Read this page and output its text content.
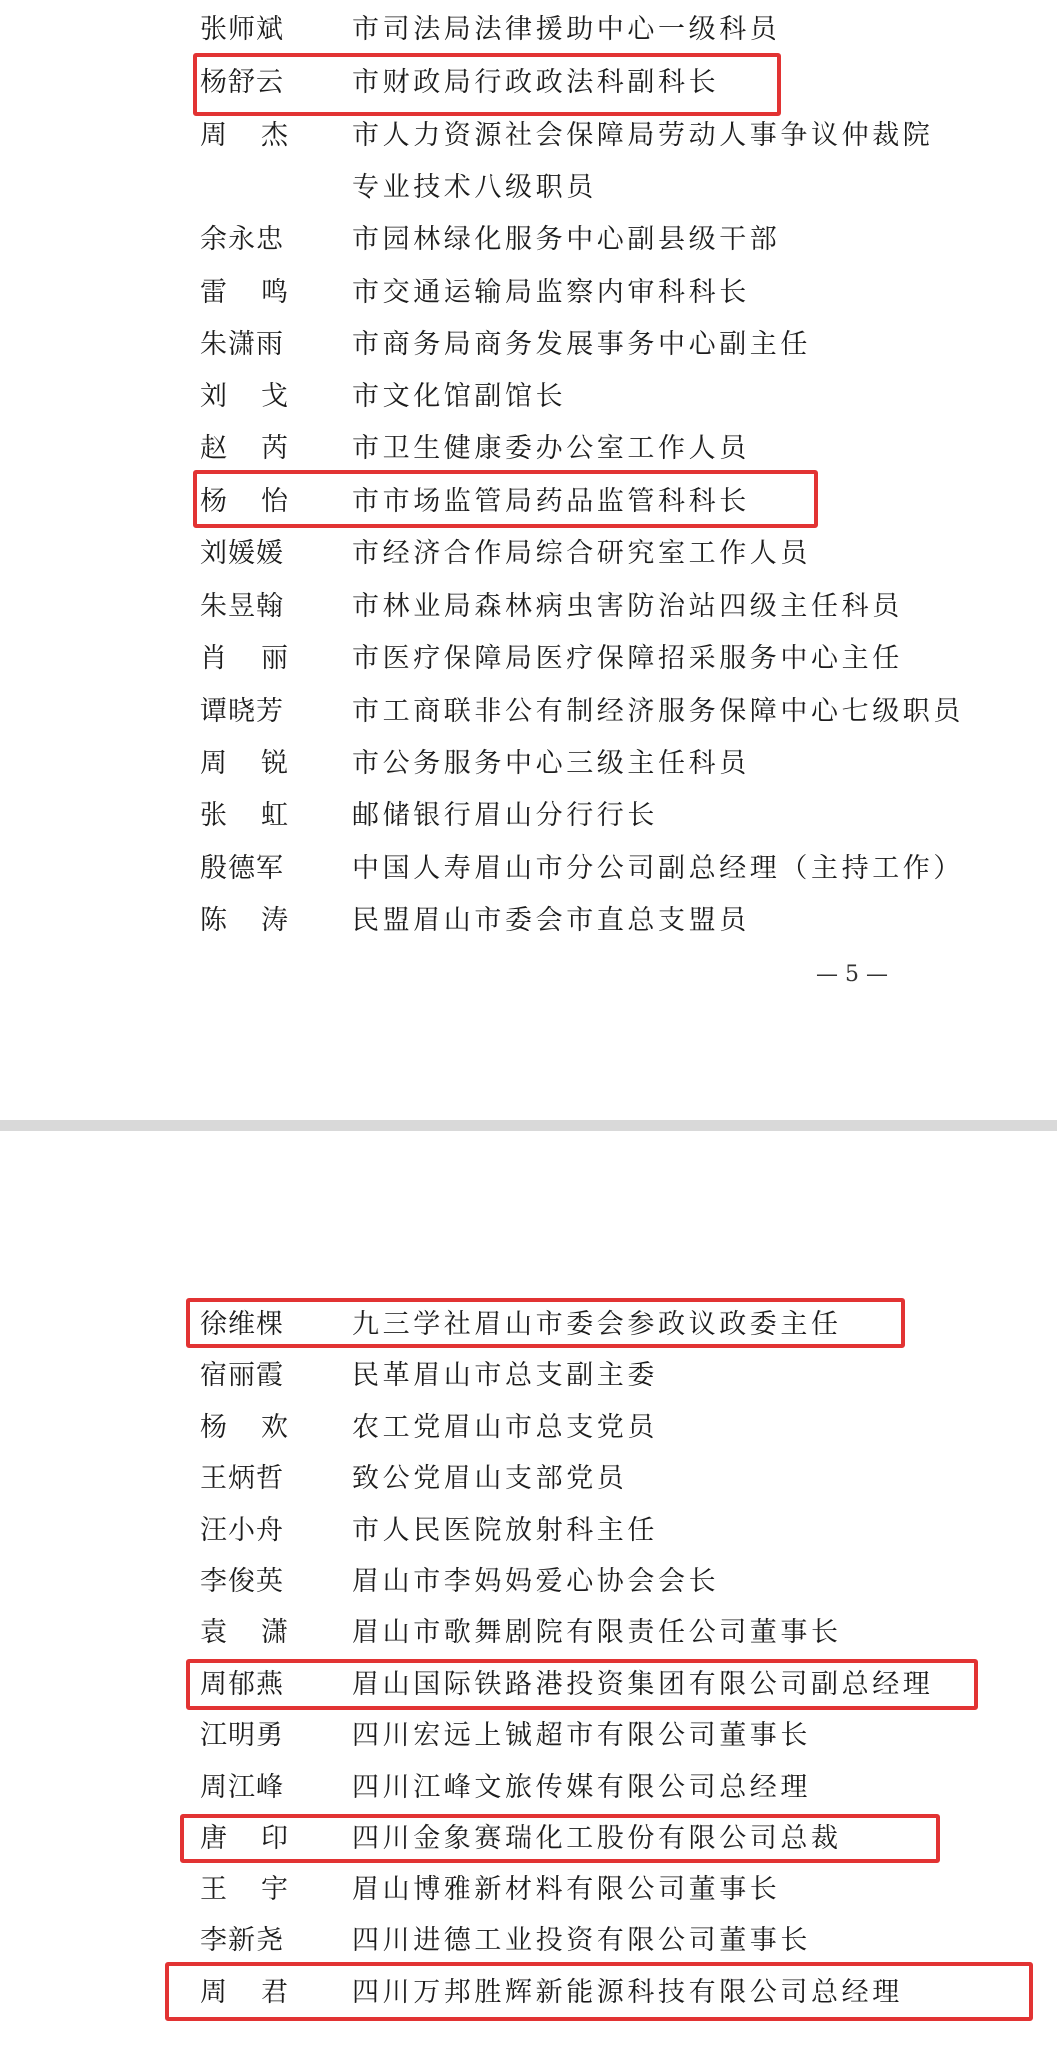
张师斌	市司法局法律援助中心一级科员
杨舒云	市财政局行政政法科副科长
周杰 市人力资源社会保障局劳动人事争议仲裁院
专业技术八级职员
余永忠	市园林绿化服务中心副县级干部
雷鸣 市交通运输局监察内审科科长
朱潇雨	市商务局商务发展事务中心副主任
刘戈 市文化馆副馆长
赵芮 市卫生健康委办公室工作人员
杨怡 市市场监管局药品监管科科长
刘媛媛	市经济合作局综合研究室工作人员
朱昱翰	市林业局森林病虫害防治站四级主任科员
肖丽 市医疗保障局医疗保障招采服务中心主任
谭晓芳	市工商联非公有制经济服务保障中心七级职员
周锐 市公务服务中心三级主任科员
张虹 邮储银行眉山分行行长
殷德军	中国人寿眉山市分公司副总经理（主持工作）
陈涛 民盟眉山市委会市直总支盟员
— 5 —
徐维棵	九三学社眉山市委会参政议政委主任
宿丽霞	民革眉山市总支副主委
杨欢 农工党眉山市总支党员
王炳哲	致公党眉山支部党员
汪小舟	市人民医院放射科主任
李俊英	眉山市李妈妈爱心协会会长
袁潇 眉山市歌舞剧院有限责任公司董事长
周郁燕	眉山国际铁路港投资集团有限公司副总经理
江明勇	四川宏远上铖超市有限公司董事长
周江峰	四川江峰文旅传媒有限公司总经理
唐印 四川金象赛瑞化工股份有限公司总裁
王宇 眉山博雅新材料有限公司董事长
李新尧	四川进德工业投资有限公司董事长
周君 四川万邦胜辉新能源科技有限公司总经理
